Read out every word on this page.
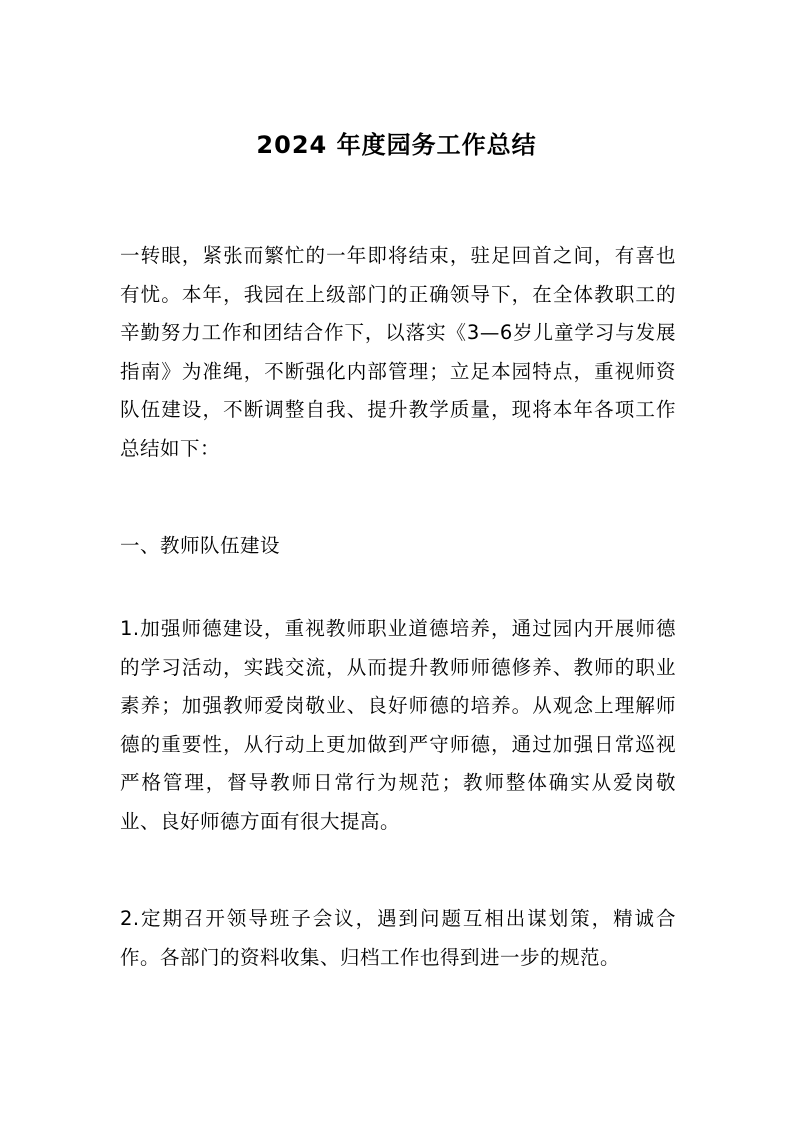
2024 年度园务工作总结

一转眼，紧张而繁忙的一年即将结束，驻足回首之间，有喜也有忧。本年，我园在上级部门的正确领导下，在全体教职工的辛勤努力工作和团结合作下，以落实《3—6岁儿童学习与发展指南》为准绳，不断强化内部管理；立足本园特点，重视师资队伍建设，不断调整自我、提升教学质量，现将本年各项工作总结如下：

一、教师队伍建设

1.加强师德建设，重视教师职业道德培养，通过园内开展师德的学习活动，实践交流，从而提升教师师德修养、教师的职业素养；加强教师爱岗敬业、良好师德的培养。从观念上理解师德的重要性，从行动上更加做到严守师德，通过加强日常巡视严格管理，督导教师日常行为规范；教师整体确实从爱岗敬业、良好师德方面有很大提高。

2.定期召开领导班子会议，遇到问题互相出谋划策，精诚合作。各部门的资料收集、归档工作也得到进一步的规范。
